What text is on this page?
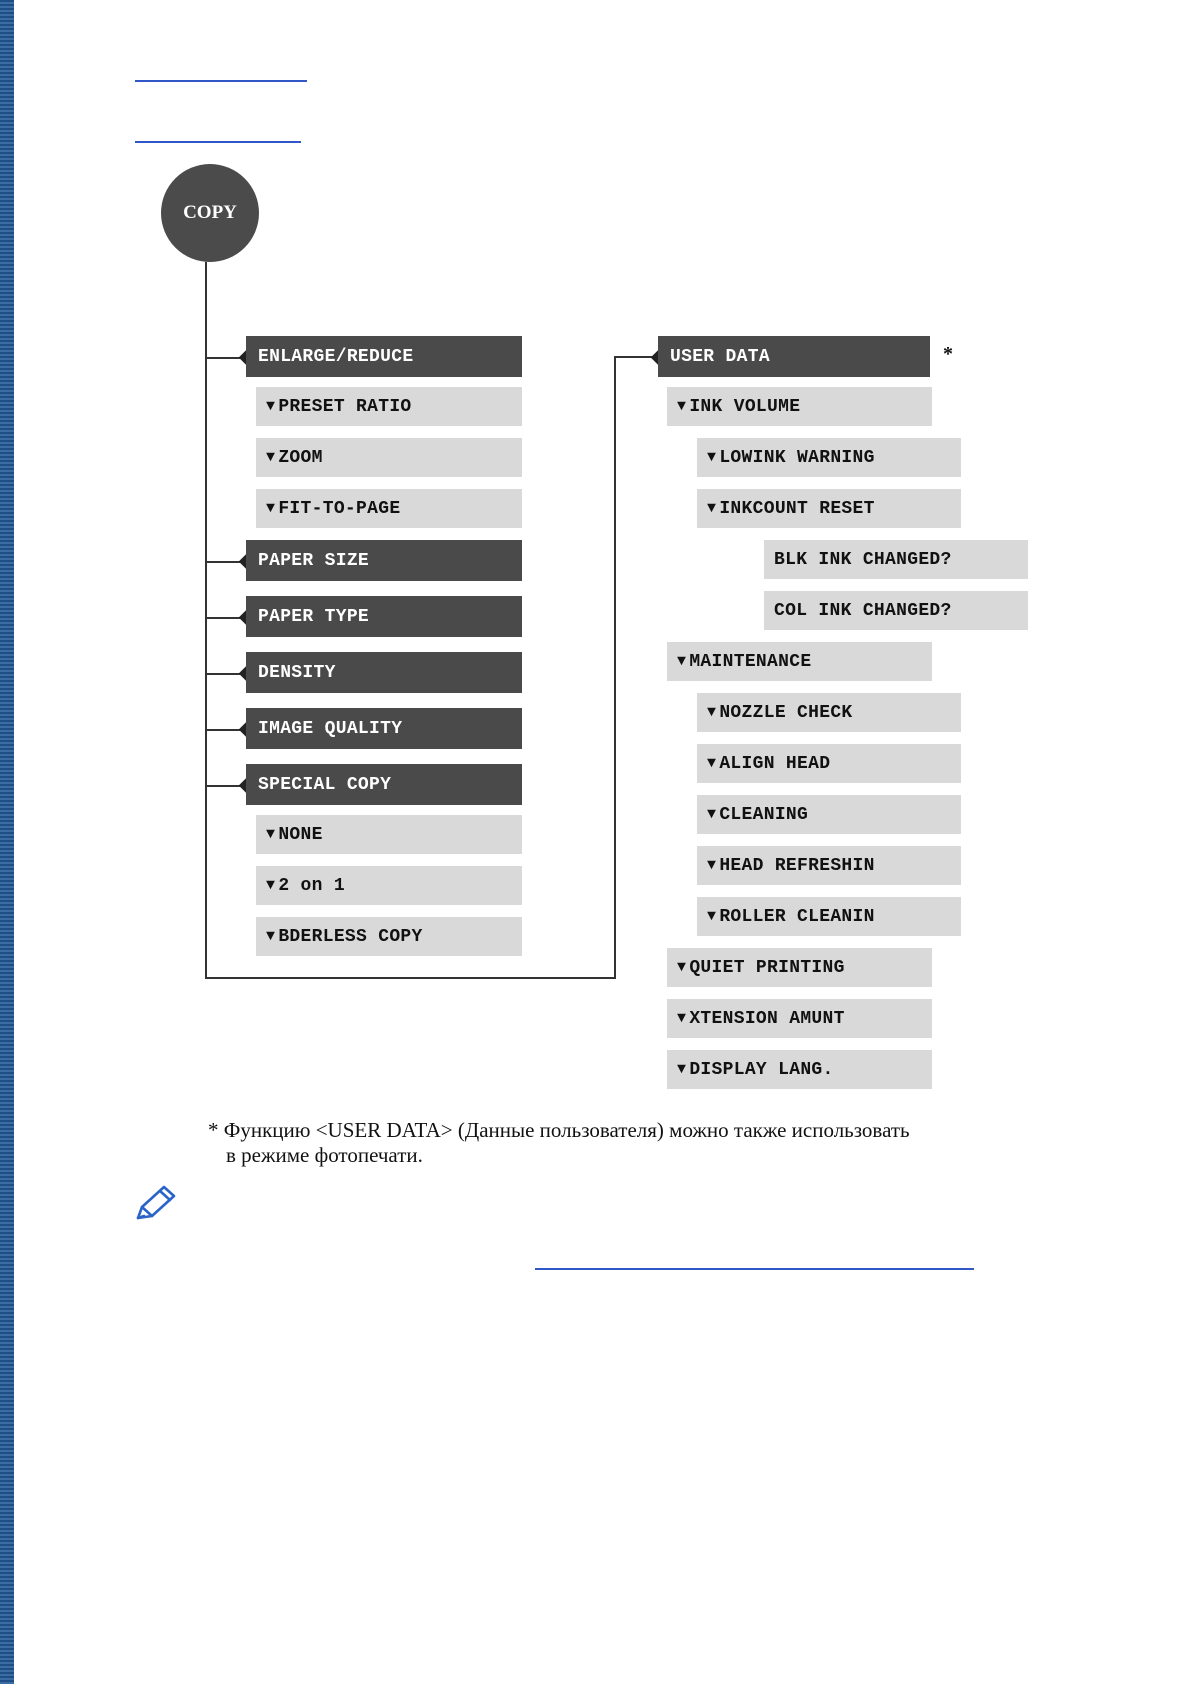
COPY
ENLARGE/REDUCE
▼ PRESET RATIO
▼ ZOOM
▼ FIT-TO-PAGE
PAPER SIZE
PAPER TYPE
DENSITY
IMAGE QUALITY
SPECIAL COPY
▼ NONE
▼ 2 on 1
▼ BDERLESS COPY
USER DATA
▼ INK VOLUME
▼ LOWINK WARNING
▼ INKCOUNT RESET
BLK INK CHANGED?
COL INK CHANGED?
▼ MAINTENANCE
▼ NOZZLE CHECK
▼ ALIGN HEAD
▼ CLEANING
▼ HEAD REFRESHIN
▼ ROLLER CLEANIN
▼ QUIET PRINTING
▼ XTENSION AMUNT
▼ DISPLAY LANG.
*
* Функцию <USER DATA> (Данные пользователя) можно также использовать
в режиме фотопечати.
